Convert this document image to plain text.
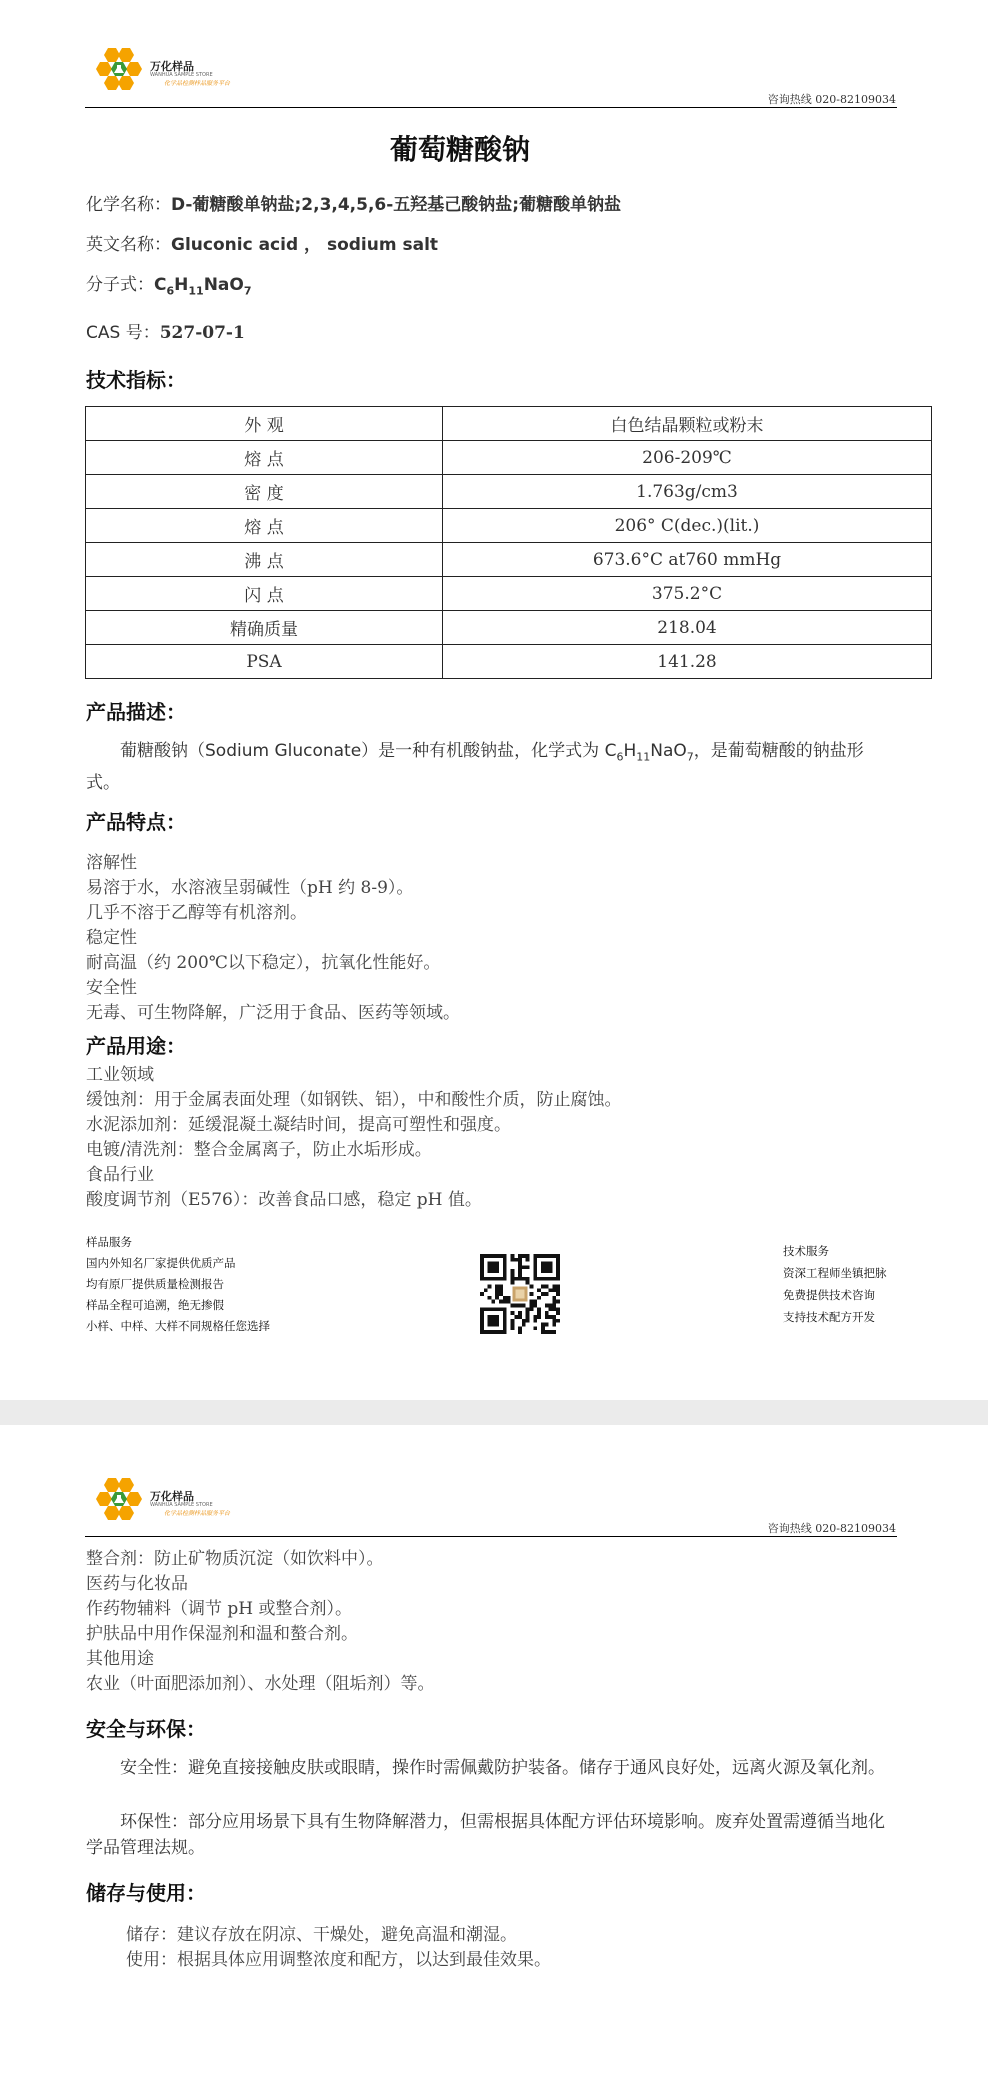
万化样品
WANHUA SAMPLE STORE
化学品检测样品服务平台
咨询热线 020-82109034
葡萄糖酸钠
化学名称：D-葡糖酸单钠盐;2,3,4,5,6-五羟基己酸钠盐;葡糖酸单钠盐
英文名称：Gluconic acid ， sodium salt
分子式：$C_6H_{11}NaO_7$
CAS 号：527-07-1
技术指标：
外 观	白色结晶颗粒或粉末
熔 点	206-209℃
密 度	1.763g/cm3
熔 点	206° C(dec.)(lit.)
沸 点	673.6°C at760 mmHg
闪 点	375.2°C
精确质量	218.04
PSA	141.28
产品描述：
葡糖酸钠（Sodium Gluconate）是一种有机酸钠盐，化学式为 $C_6H_{11}NaO_7$，是葡萄糖酸的钠盐形式。
产品特点：
溶解性
易溶于水，水溶液呈弱碱性（pH 约 8-9）。
几乎不溶于乙醇等有机溶剂。
稳定性
耐高温（约 200℃以下稳定），抗氧化性能好。
安全性
无毒、可生物降解，广泛用于食品、医药等领域。
产品用途：
工业领域
缓蚀剂：用于金属表面处理（如钢铁、铝），中和酸性介质，防止腐蚀。
水泥添加剂：延缓混凝土凝结时间，提高可塑性和强度。
电镀/清洗剂：整合金属离子，防止水垢形成。
食品行业
酸度调节剂（E576）：改善食品口感，稳定 pH 值。
样品服务
国内外知名厂家提供优质产品
均有原厂提供质量检测报告
样品全程可追溯，绝无掺假
小样、中样、大样不同规格任您选择
技术服务
资深工程师坐镇把脉
免费提供技术咨询
支持技术配方开发
万化样品
WANHUA SAMPLE STORE
化学品检测样品服务平台
咨询热线 020-82109034
整合剂：防止矿物质沉淀（如饮料中）。
医药与化妆品
作药物辅料（调节 pH 或整合剂）。
护肤品中用作保湿剂和温和螯合剂。
其他用途
农业（叶面肥添加剂）、水处理（阻垢剂）等。
安全与环保：
安全性：避免直接接触皮肤或眼睛，操作时需佩戴防护装备。储存于通风良好处，远离火源及氧化剂。
环保性：部分应用场景下具有生物降解潜力，但需根据具体配方评估环境影响。废弃处置需遵循当地化学品管理法规。
储存与使用：
储存：建议存放在阴凉、干燥处，避免高温和潮湿。
使用：根据具体应用调整浓度和配方，以达到最佳效果。
